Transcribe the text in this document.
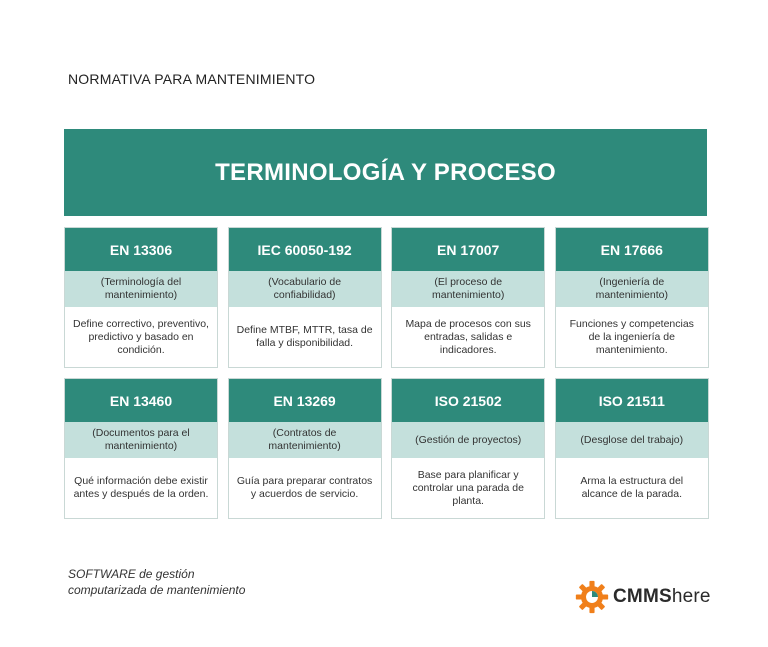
NORMATIVA PARA MANTENIMIENTO
TERMINOLOGÍA Y PROCESO
EN 13306
(Terminología del mantenimiento)
Define correctivo, preventivo, predictivo y basado en condición.
IEC 60050-192
(Vocabulario de confiabilidad)
Define MTBF, MTTR, tasa de falla y disponibilidad.
EN 17007
(El proceso de mantenimiento)
Mapa de procesos con sus entradas, salidas e indicadores.
EN 17666
(Ingeniería de mantenimiento)
Funciones y competencias de la ingeniería de mantenimiento.
EN 13460
(Documentos para el mantenimiento)
Qué información debe existir antes y después de la orden.
EN 13269
(Contratos de mantenimiento)
Guía para preparar contratos y acuerdos de servicio.
ISO 21502
(Gestión de proyectos)
Base para planificar y controlar una parada de planta.
ISO 21511
(Desglose del trabajo)
Arma la estructura del alcance de la parada.
SOFTWARE de gestión
computarizada de mantenimiento	CMMShere
